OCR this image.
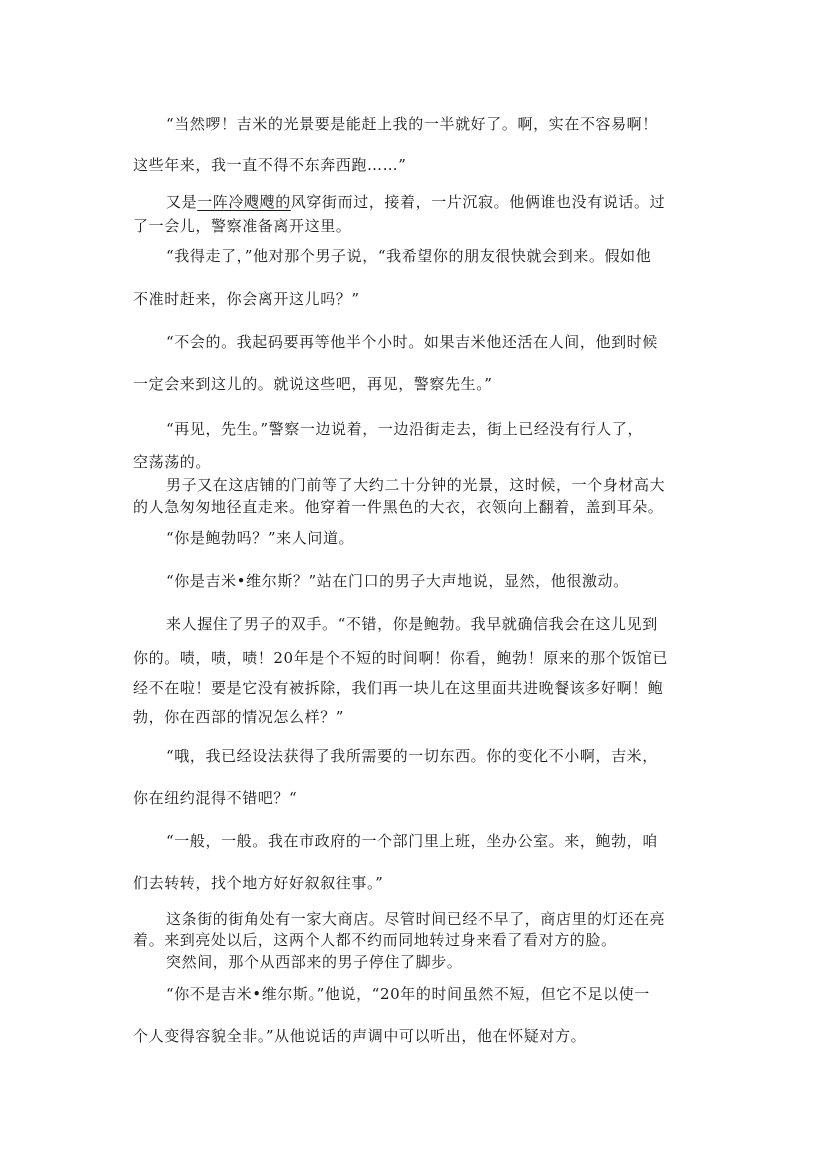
“当然啰！吉米的光景要是能赶上我的一半就好了。啊，实在不容易啊！
这些年来，我一直不得不东奔西跑……”
又是一阵冷飕飕的风穿街而过，接着，一片沉寂。他俩谁也没有说话。过
了一会儿，警察准备离开这里。
“我得走了，”他对那个男子说，“我希望你的朋友很快就会到来。假如他
不准时赶来，你会离开这儿吗？”
“不会的。我起码要再等他半个小时。如果吉米他还活在人间，他到时候
一定会来到这儿的。就说这些吧，再见，警察先生。”
“再见，先生。”警察一边说着，一边沿街走去，街上已经没有行人了，
空荡荡的。
男子又在这店铺的门前等了大约二十分钟的光景，这时候，一个身材高大
的人急匆匆地径直走来。他穿着一件黑色的大衣，衣领向上翻着，盖到耳朵。
“你是鲍勃吗？”来人问道。
“你是吉米•维尔斯？”站在门口的男子大声地说，显然，他很激动。
来人握住了男子的双手。“不错，你是鲍勃。我早就确信我会在这儿见到
你的。啧，啧，啧！20年是个不短的时间啊！你看，鲍勃！原来的那个饭馆已
经不在啦！要是它没有被拆除，我们再一块儿在这里面共进晚餐该多好啊！鲍
勃，你在西部的情况怎么样？”
“哦，我已经设法获得了我所需要的一切东西。你的变化不小啊，吉米，
你在纽约混得不错吧？“
“一般，一般。我在市政府的一个部门里上班，坐办公室。来，鲍勃，咱
们去转转，找个地方好好叙叙往事。”
这条街的街角处有一家大商店。尽管时间已经不早了，商店里的灯还在亮
着。来到亮处以后，这两个人都不约而同地转过身来看了看对方的脸。
突然间，那个从西部来的男子停住了脚步。
“你不是吉米•维尔斯。”他说，“20年的时间虽然不短，但它不足以使一
个人变得容貌全非。”从他说话的声调中可以听出，他在怀疑对方。
